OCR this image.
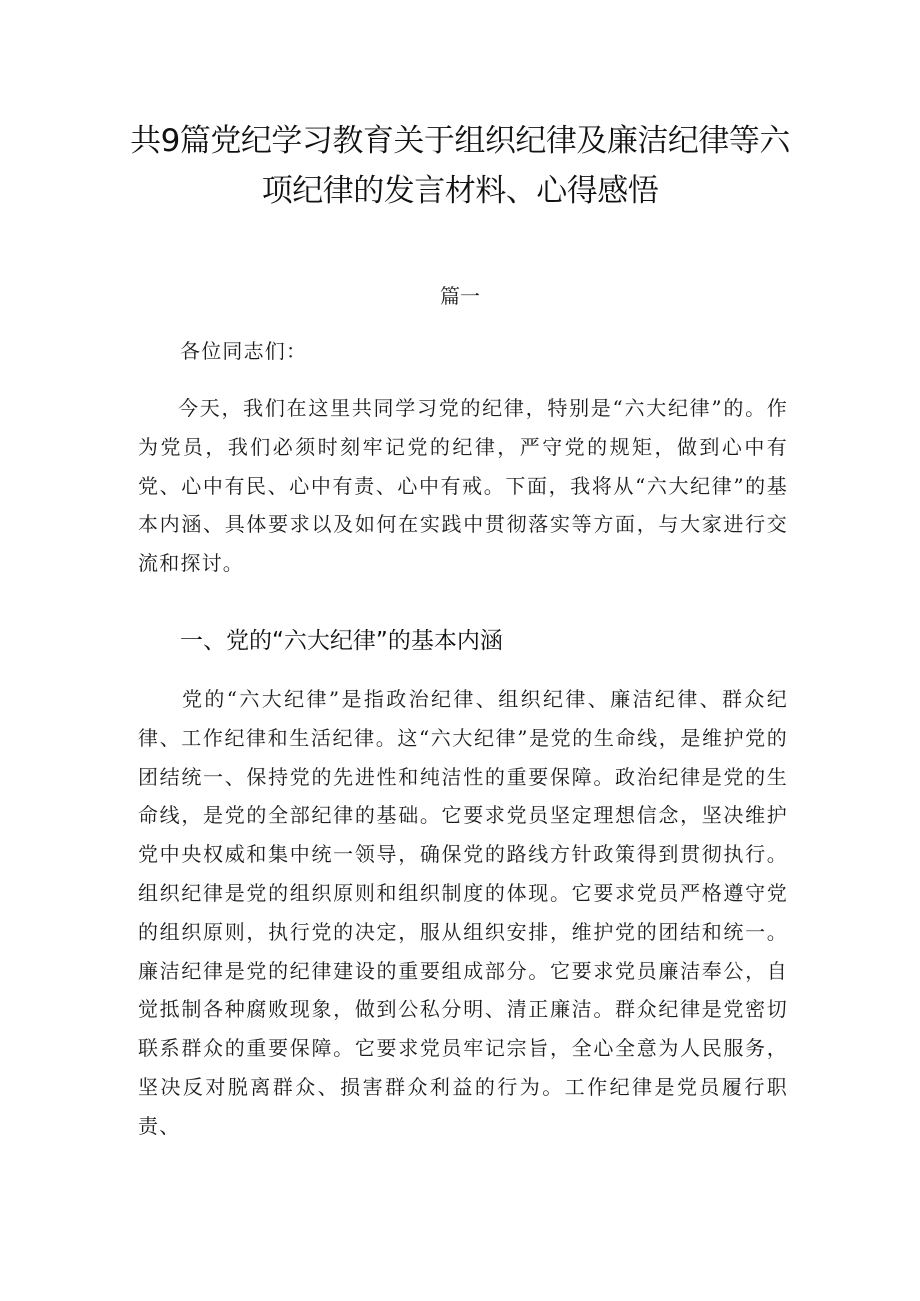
共9篇党纪学习教育关于组织纪律及廉洁纪律等六项纪律的发言材料、心得感悟
篇一

各位同志们：

今天，我们在这里共同学习党的纪律，特别是“六大纪律”的。作为党员，我们必须时刻牢记党的纪律，严守党的规矩，做到心中有党、心中有民、心中有责、心中有戒。下面，我将从“六大纪律”的基本内涵、具体要求以及如何在实践中贯彻落实等方面，与大家进行交流和探讨。

一、党的“六大纪律”的基本内涵

党的“六大纪律”是指政治纪律、组织纪律、廉洁纪律、群众纪律、工作纪律和生活纪律。这“六大纪律”是党的生命线，是维护党的团结统一、保持党的先进性和纯洁性的重要保障。政治纪律是党的生命线，是党的全部纪律的基础。它要求党员坚定理想信念，坚决维护党中央权威和集中统一领导，确保党的路线方针政策得到贯彻执行。组织纪律是党的组织原则和组织制度的体现。它要求党员严格遵守党的组织原则，执行党的决定，服从组织安排，维护党的团结和统一。廉洁纪律是党的纪律建设的重要组成部分。它要求党员廉洁奉公，自觉抵制各种腐败现象，做到公私分明、清正廉洁。群众纪律是党密切联系群众的重要保障。它要求党员牢记宗旨，全心全意为人民服务，坚决反对脱离群众、损害群众利益的行为。工作纪律是党员履行职责、
